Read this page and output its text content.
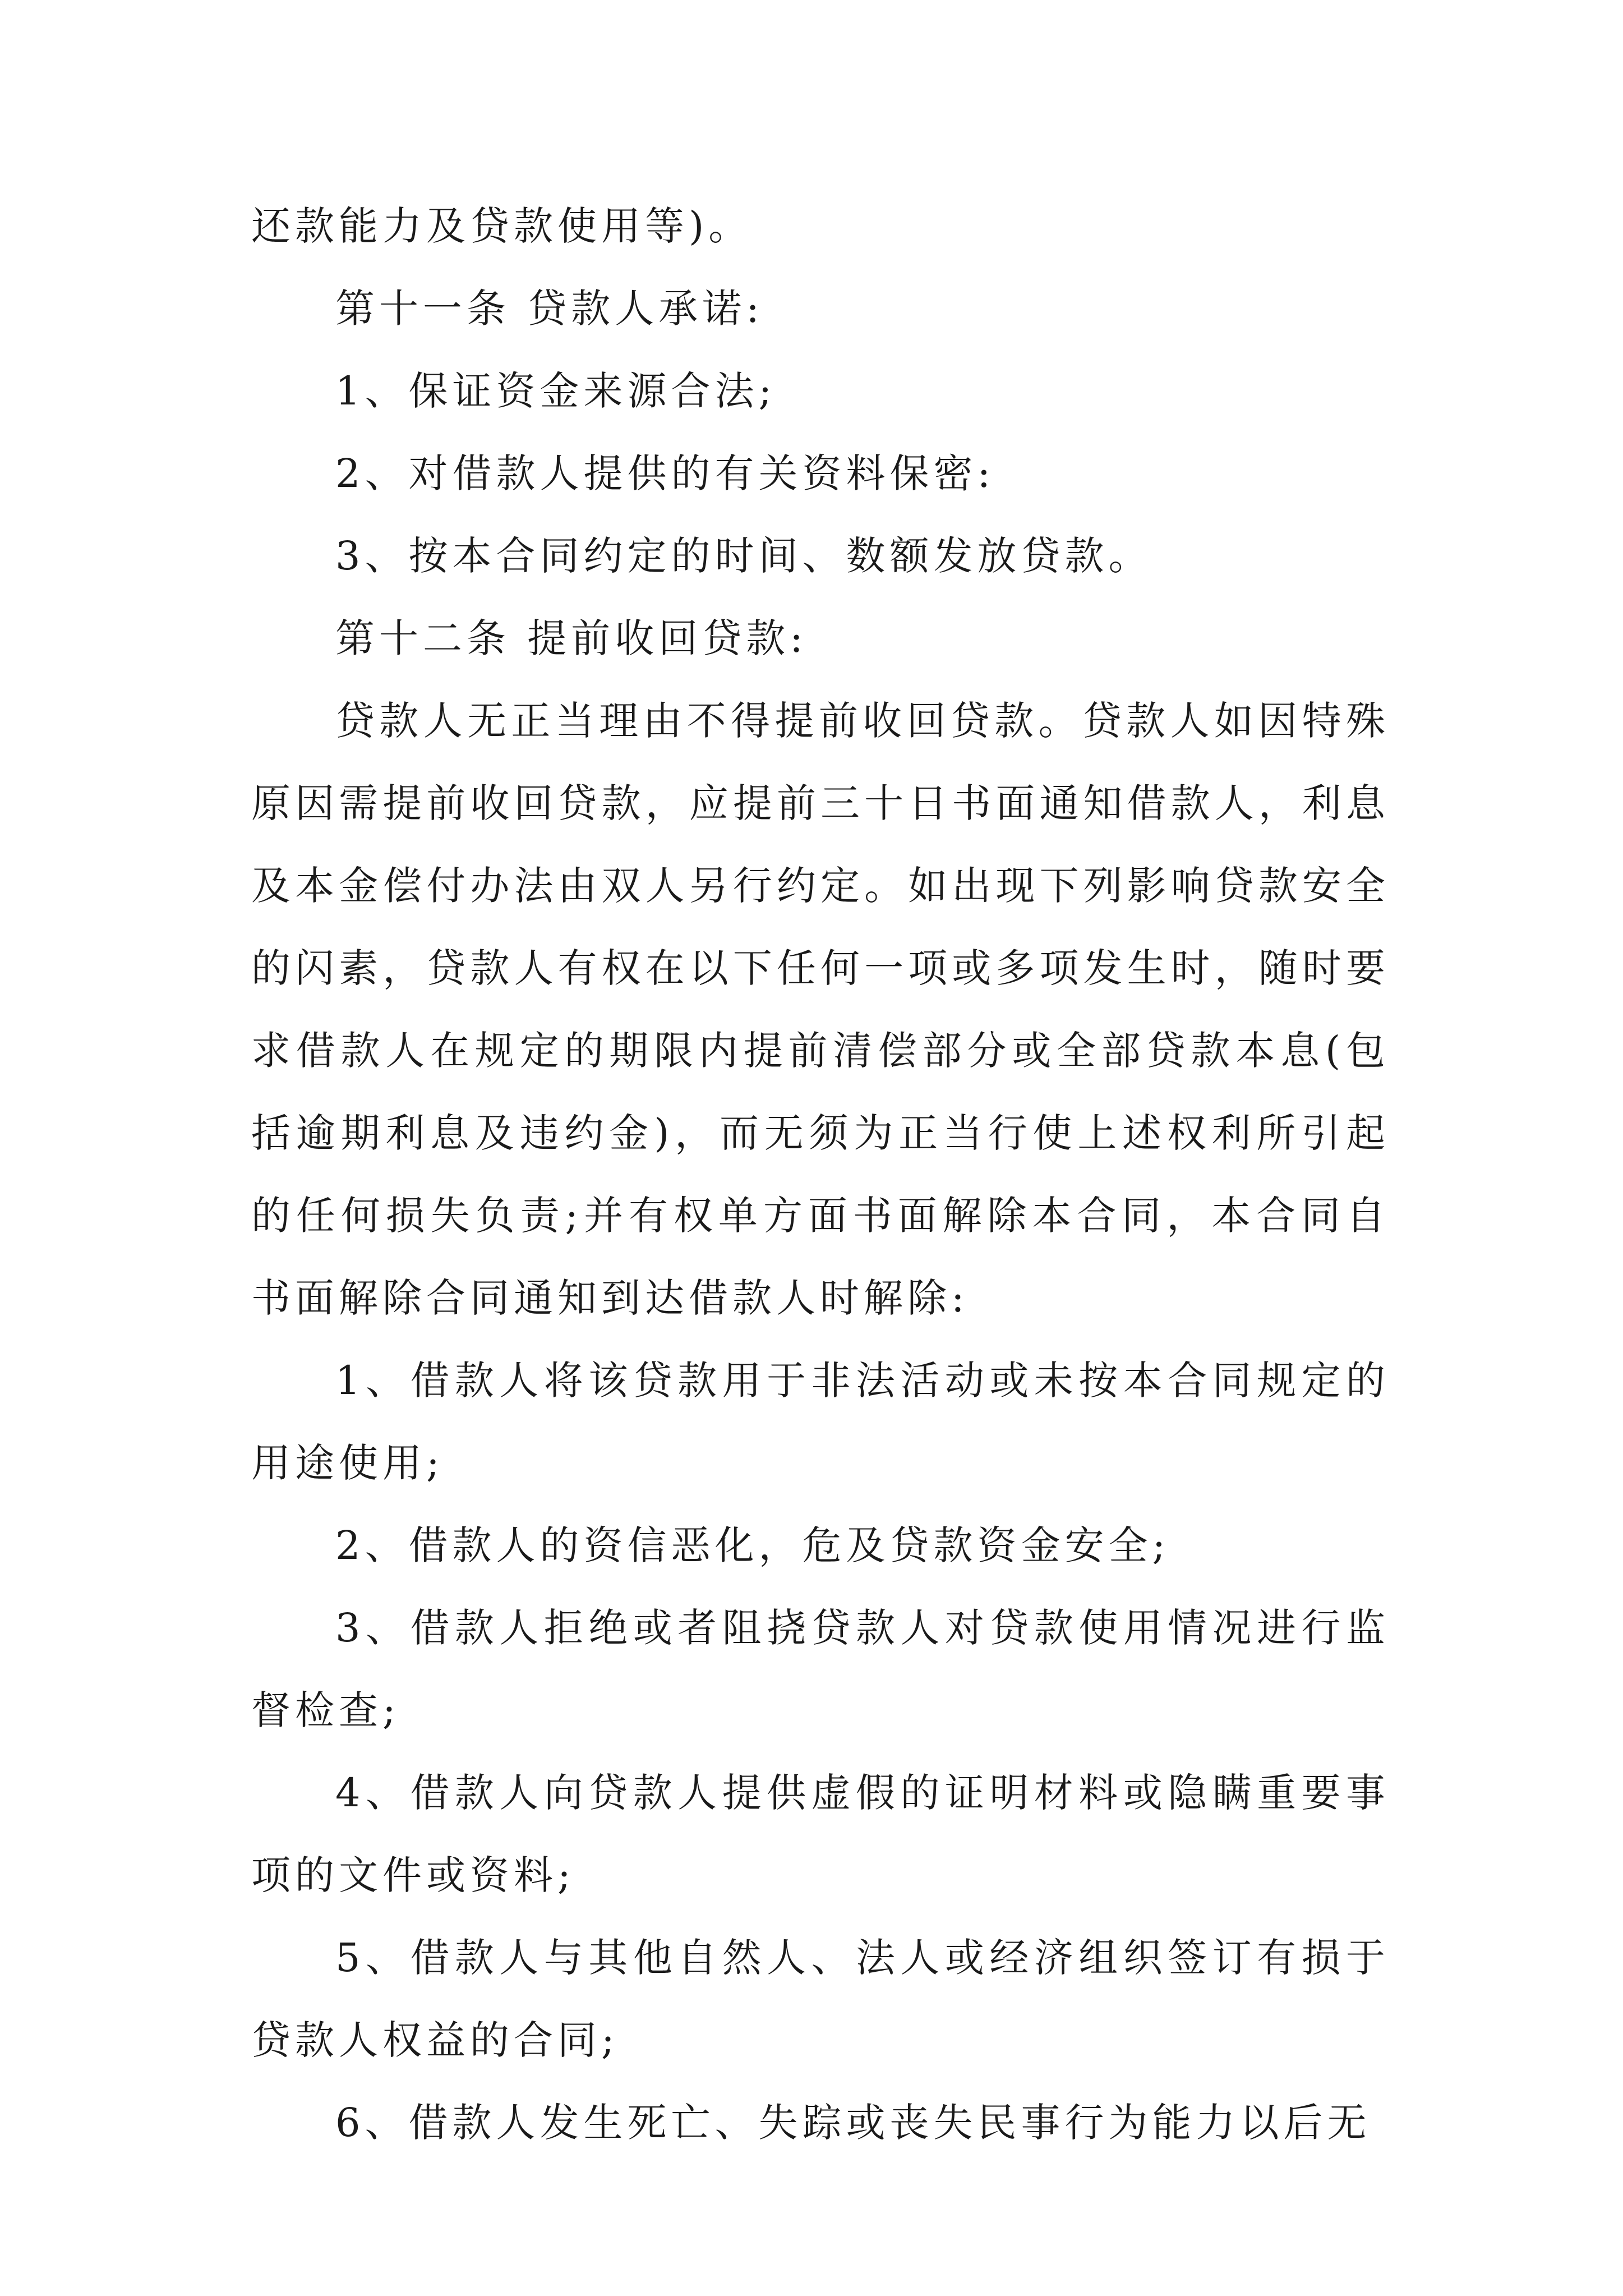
还款能力及贷款使用等)。

第十一条 贷款人承诺:

1、保证资金来源合法;

2、对借款人提供的有关资料保密:

3、按本合同约定的时间、数额发放贷款。

第十二条 提前收回贷款:

贷款人无正当理由不得提前收回贷款。贷款人如因特殊原因需提前收回贷款，应提前三十日书面通知借款人，利息及本金偿付办法由双人另行约定。如出现下列影响贷款安全的闪素，贷款人有权在以下任何一项或多项发生时，随时要求借款人在规定的期限内提前清偿部分或全部贷款本息(包括逾期利息及违约金)，而无须为正当行使上述权利所引起的任何损失负责;并有权单方面书面解除本合同，本合同自书面解除合同通知到达借款人时解除:

1、借款人将该贷款用于非法活动或未按本合同规定的用途使用;

2、借款人的资信恶化，危及贷款资金安全;

3、借款人拒绝或者阻挠贷款人对贷款使用情况进行监督检查;

4、借款人向贷款人提供虚假的证明材料或隐瞒重要事项的文件或资料;

5、借款人与其他自然人、法人或经济组织签订有损于贷款人权益的合同;

6、借款人发生死亡、失踪或丧失民事行为能力以后无
